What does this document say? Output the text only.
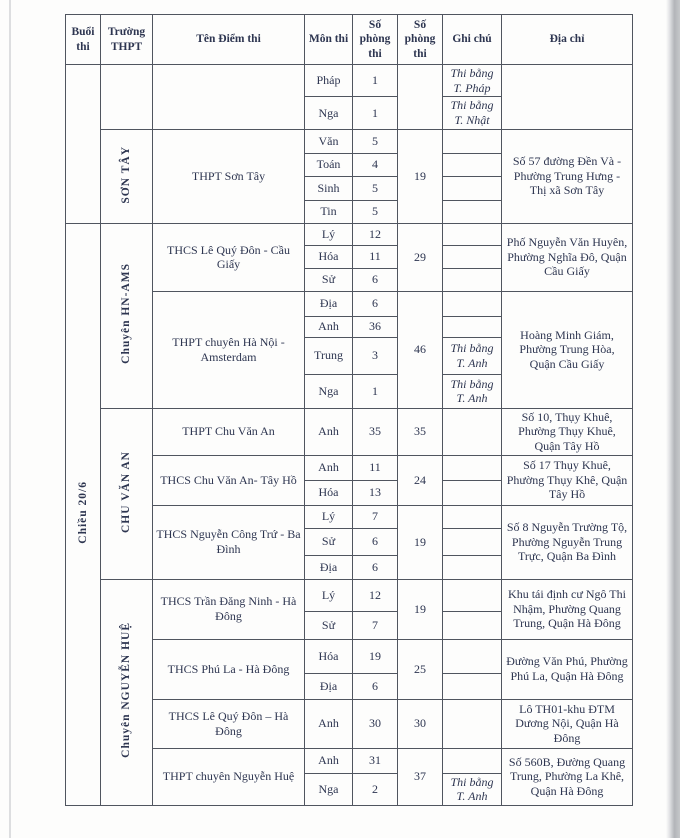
Buổi thi	Trường THPT	Tên Điểm thi	Môn thi	Số phòng thi	Số phòng thi	Ghi chú	Địa chỉ
			Pháp	1		Thi bằng T. Pháp	
			Nga	1		Thi bằng T. Nhật	
	SƠN TÂY	THPT Sơn Tây	Văn	5	19		Số 57 đường Đền Và - Phường Trung Hưng - Thị xã Sơn Tây
			Toán	4			
			Sinh	5			
			Tin	5			
Chiều 20/6	Chuyên HN-AMS	THCS Lê Quý Đôn - Cầu Giấy	Lý	12	29		Phố Nguyễn Văn Huyên, Phường Nghĩa Đô, Quận Cầu Giấy
			Hóa	11			
			Sử	6			
		THPT chuyên Hà Nội - Amsterdam	Địa	6	46		Hoàng Minh Giám, Phường Trung Hòa, Quận Cầu Giấy
			Anh	36			
			Trung	3		Thi bằng T. Anh	
			Nga	1		Thi bằng T. Anh	
	CHU VĂN AN	THPT Chu Văn An	Anh	35	35		Số 10, Thụy Khuê, Phường Thụy Khuê, Quận Tây Hồ
		THCS Chu Văn An- Tây Hồ	Anh	11	24		Số 17 Thụy Khuê, Phường Thụy Khê, Quận Tây Hồ
			Hóa	13			
		THCS Nguyễn Công Trứ - Ba Đình	Lý	7	19		Số 8 Nguyễn Trường Tộ, Phường Nguyễn Trung Trực, Quận Ba Đình
			Sử	6			
			Địa	6			
	Chuyên NGUYỄN HUỆ	THCS Trần Đăng Ninh - Hà Đông	Lý	12	19		Khu tái định cư Ngô Thi Nhậm, Phường Quang Trung, Quận Hà Đông
			Sử	7			
		THCS Phú La - Hà Đông	Hóa	19	25		Đường Văn Phú, Phường Phú La, Quận Hà Đông
			Địa	6			
		THCS Lê Quý Đôn – Hà Đông	Anh	30	30		Lô TH01-khu ĐTM Dương Nội, Quận Hà Đông
		THPT chuyên Nguyễn Huệ	Anh	31	37		Số 560B, Đường Quang Trung, Phường La Khê, Quận Hà Đông
			Nga	2		Thi bằng T. Anh	
